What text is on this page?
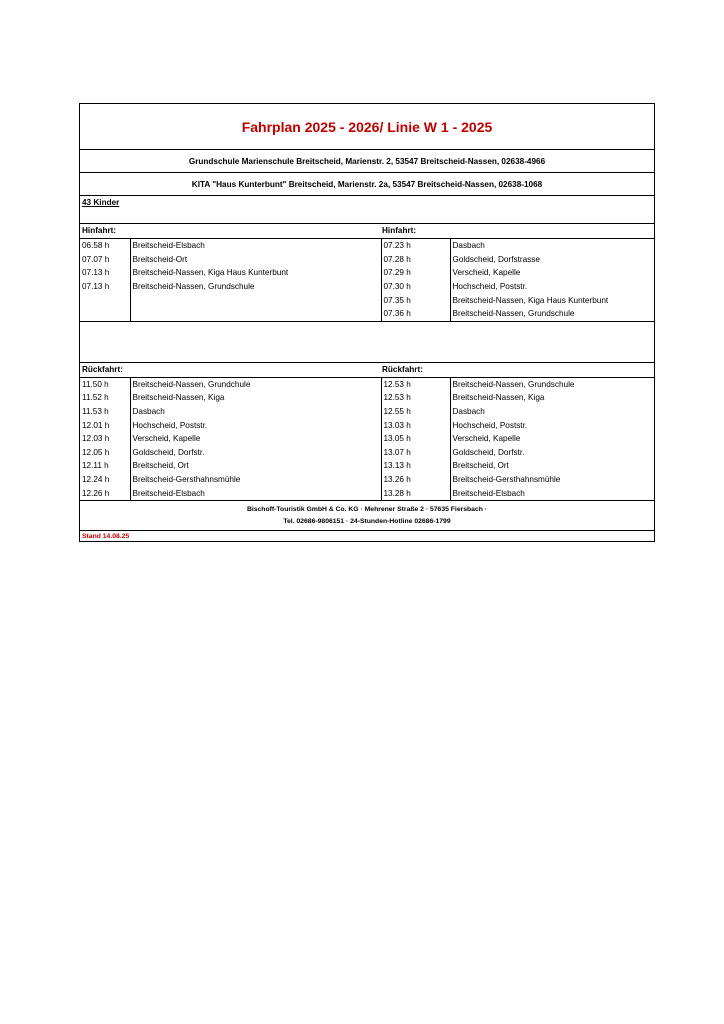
Fahrplan 2025 - 2026/ Linie W 1 - 2025
Grundschule Marienschule Breitscheid, Marienstr. 2, 53547 Breitscheid-Nassen, 02638-4966
KITA "Haus Kunterbunt" Breitscheid, Marienstr. 2a, 53547 Breitscheid-Nassen, 02638-1068
43 Kinder
Hinfahrt:	Hinfahrt:
06.58 h	Breitscheid-Elsbach	07.23 h	Dasbach
07.07 h	Breitscheid-Ort	07.28 h	Goldscheid, Dorfstrasse
07.13 h	Breitscheid-Nassen, Kiga Haus Kunterbunt	07.29 h	Verscheid, Kapelle
07.13 h	Breitscheid-Nassen, Grundschule	07.30 h	Hochscheid, Poststr.
		07.35 h	Breitscheid-Nassen, Kiga Haus Kunterbunt
		07.36 h	Breitscheid-Nassen, Grundschule
Rückfahrt:	Rückfahrt:
11.50 h	Breitscheid-Nassen, Grundchule	12.53 h	Breitscheid-Nassen, Grundschule
11.52 h	Breitscheid-Nassen, Kiga	12.53 h	Breitscheid-Nassen, Kiga
11.53 h	Dasbach	12.55 h	Dasbach
12.01 h	Hochscheid, Poststr.	13.03 h	Hochscheid, Poststr.
12.03 h	Verscheid, Kapelle	13.05 h	Verscheid, Kapelle
12.05 h	Goldscheid, Dorfstr.	13.07 h	Goldscheid, Dorfstr.
12.11 h	Breitscheid, Ort	13.13 h	Breitscheid, Ort
12.24 h	Breitscheid-Gersthahnsmühle	13.26 h	Breitscheid-Gersthahnsmühle
12.26 h	Breitscheid-Elsbach	13.28 h	Breitscheid-Elsbach
Bischoff-Touristik GmbH & Co. KG · Mehrener Straße 2 · 57635 Fiersbach ·
Tel. 02686-9806151 · 24-Stunden-Hotline 02686-1799
Stand 14.08.25
